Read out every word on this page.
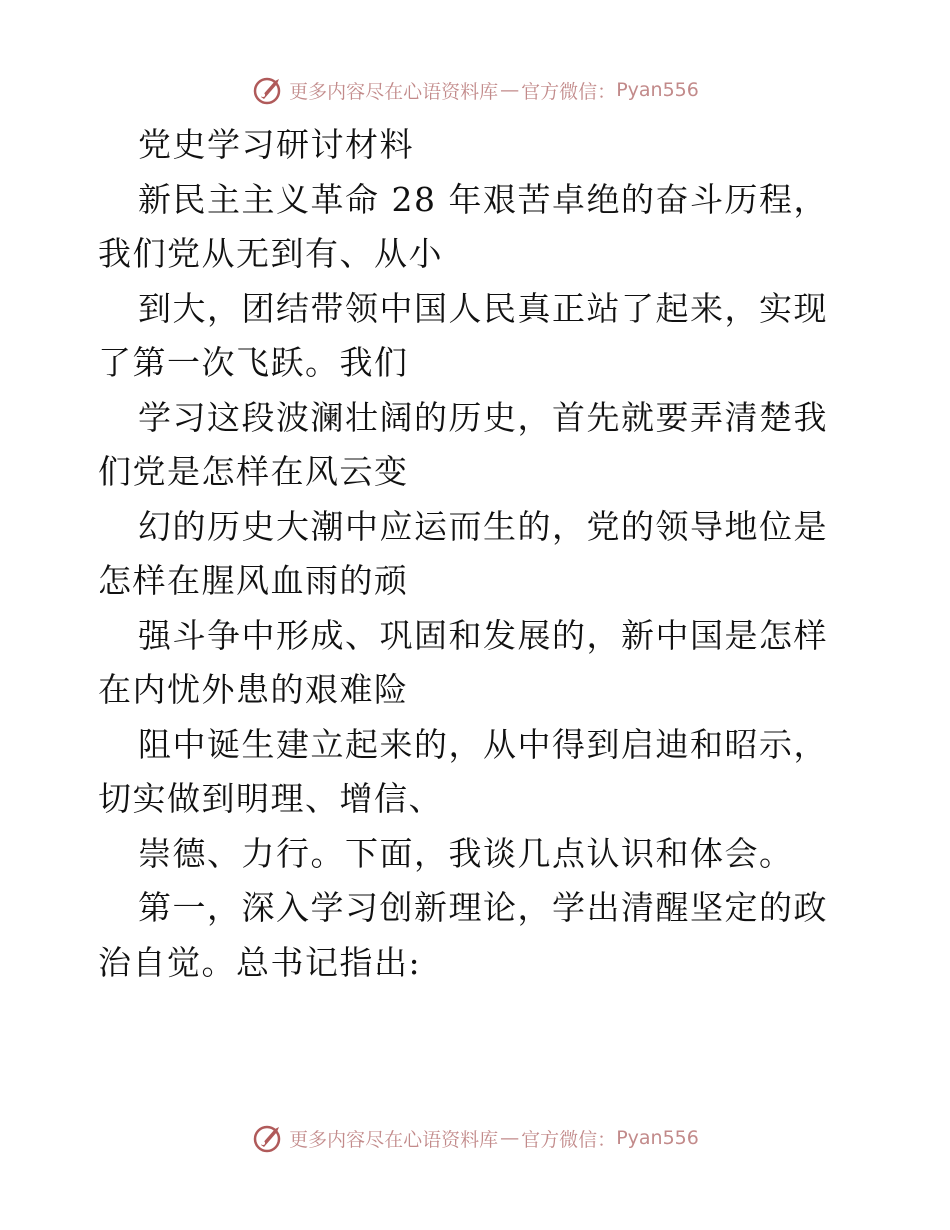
更多内容尽在心语资料库 — 官方微信： Pyan556

党史学习研讨材料

新民主主义革命 28 年艰苦卓绝的奋斗历程，我们党从无到有、从小

到大，团结带领中国人民真正站了起来，实现了第一次飞跃。我们

学习这段波澜壮阔的历史，首先就要弄清楚我们党是怎样在风云变

幻的历史大潮中应运而生的，党的领导地位是怎样在腥风血雨的顽

强斗争中形成、巩固和发展的，新中国是怎样在内忧外患的艰难险

阻中诞生建立起来的，从中得到启迪和昭示，切实做到明理、增信、

崇德、力行。下面，我谈几点认识和体会。

第一，深入学习创新理论，学出清醒坚定的政治自觉。总书记指出:

更多内容尽在心语资料库 — 官方微信： Pyan556
